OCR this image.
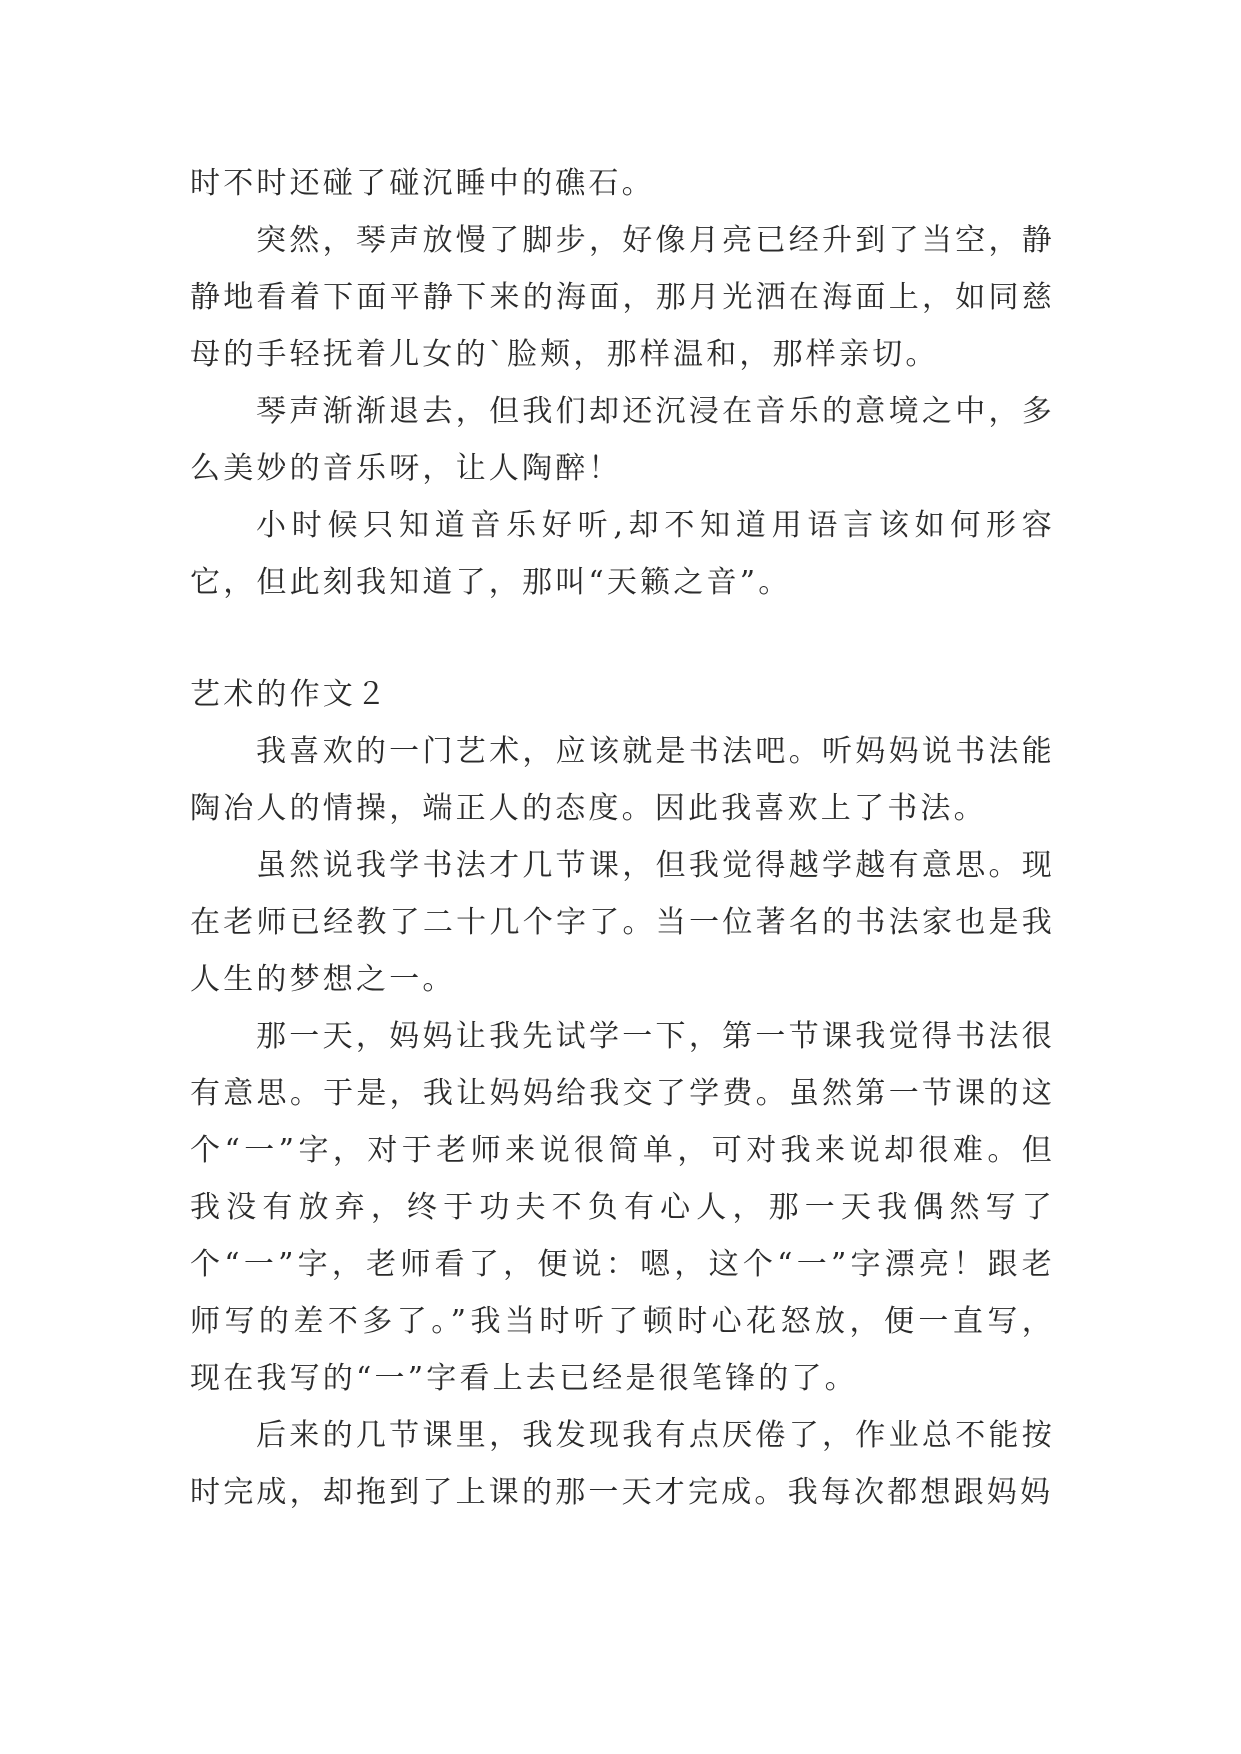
时不时还碰了碰沉睡中的礁石。

突然，琴声放慢了脚步，好像月亮已经升到了当空，静静地看着下面平静下来的海面，那月光洒在海面上，如同慈母的手轻抚着儿女的`脸颊，那样温和，那样亲切。

琴声渐渐退去，但我们却还沉浸在音乐的意境之中，多么美妙的音乐呀，让人陶醉！

小时候只知道音乐好听,却不知道用语言该如何形容它，但此刻我知道了，那叫“天籁之音”。

艺术的作文２

我喜欢的一门艺术，应该就是书法吧。听妈妈说书法能陶冶人的情操，端正人的态度。因此我喜欢上了书法。

虽然说我学书法才几节课，但我觉得越学越有意思。现在老师已经教了二十几个字了。当一位著名的书法家也是我人生的梦想之一。

那一天，妈妈让我先试学一下，第一节课我觉得书法很有意思。于是，我让妈妈给我交了学费。虽然第一节课的这个“一”字，对于老师来说很简单，可对我来说却很难。但我没有放弃，终于功夫不负有心人，那一天我偶然写了个“一”字，老师看了，便说：嗯，这个“一”字漂亮！跟老师写的差不多了。”我当时听了顿时心花怒放，便一直写，现在我写的“一”字看上去已经是很笔锋的了。

后来的几节课里，我发现我有点厌倦了，作业总不能按时完成，却拖到了上课的那一天才完成。我每次都想跟妈妈
